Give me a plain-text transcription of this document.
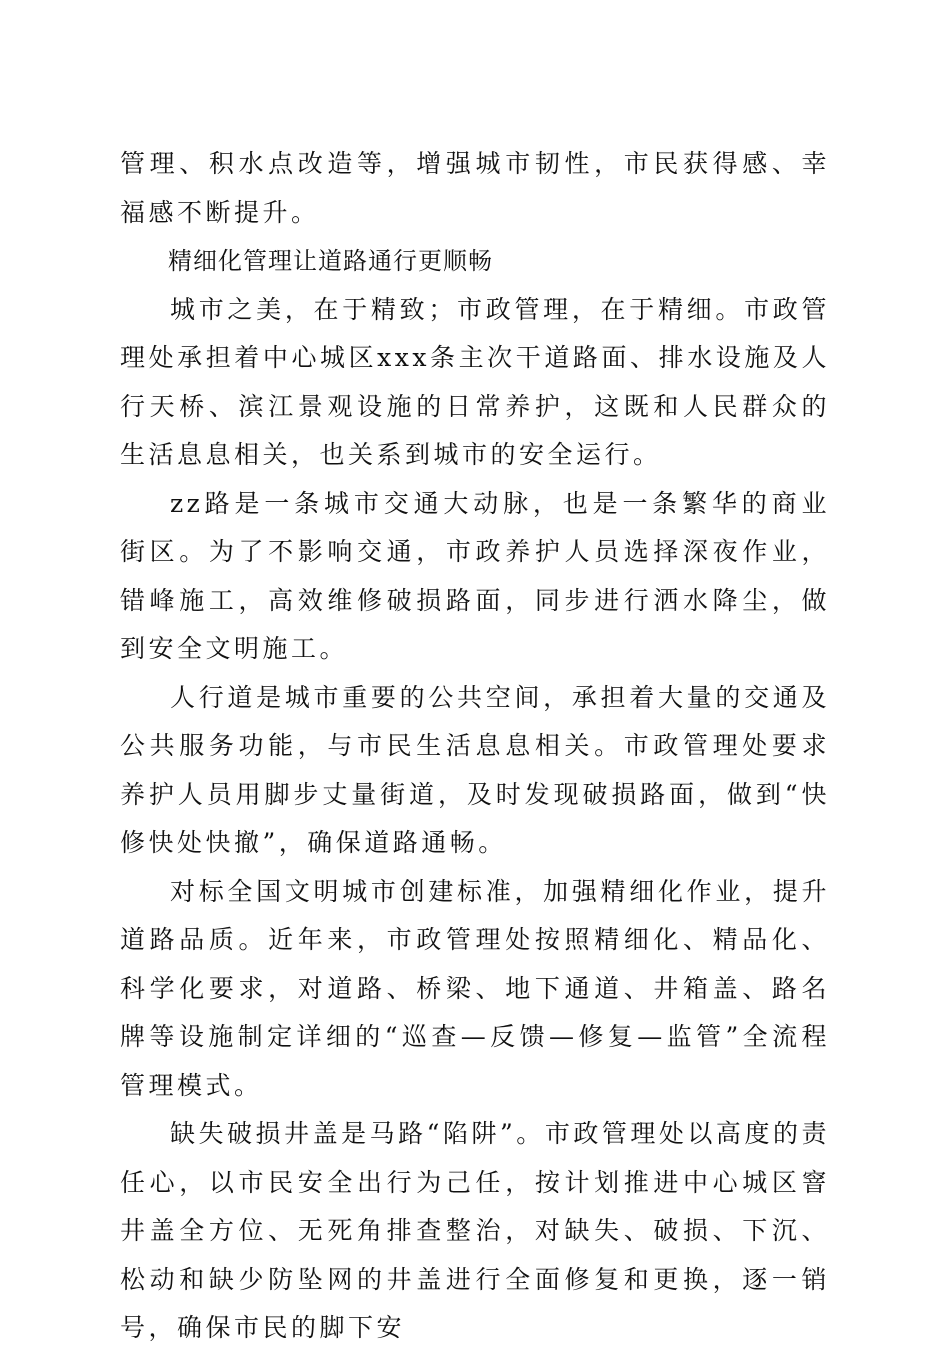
管理、积水点改造等，增强城市韧性，市民获得感、幸福感不断提升。

精细化管理让道路通行更顺畅

城市之美，在于精致；市政管理，在于精细。市政管理处承担着中心城区xxx条主次干道路面、排水设施及人行天桥、滨江景观设施的日常养护，这既和人民群众的生活息息相关，也关系到城市的安全运行。

zz路是一条城市交通大动脉，也是一条繁华的商业街区。为了不影响交通，市政养护人员选择深夜作业，错峰施工，高效维修破损路面，同步进行洒水降尘，做到安全文明施工。

人行道是城市重要的公共空间，承担着大量的交通及公共服务功能，与市民生活息息相关。市政管理处要求养护人员用脚步丈量街道，及时发现破损路面，做到“快修快处快撤”，确保道路通畅。

对标全国文明城市创建标准，加强精细化作业，提升道路品质。近年来，市政管理处按照精细化、精品化、科学化要求，对道路、桥梁、地下通道、井箱盖、路名牌等设施制定详细的“巡查—反馈—修复—监管”全流程管理模式。

缺失破损井盖是马路“陷阱”。市政管理处以高度的责任心，以市民安全出行为己任，按计划推进中心城区窨井盖全方位、无死角排查整治，对缺失、破损、下沉、松动和缺少防坠网的井盖进行全面修复和更换，逐一销号，确保市民的脚下安
